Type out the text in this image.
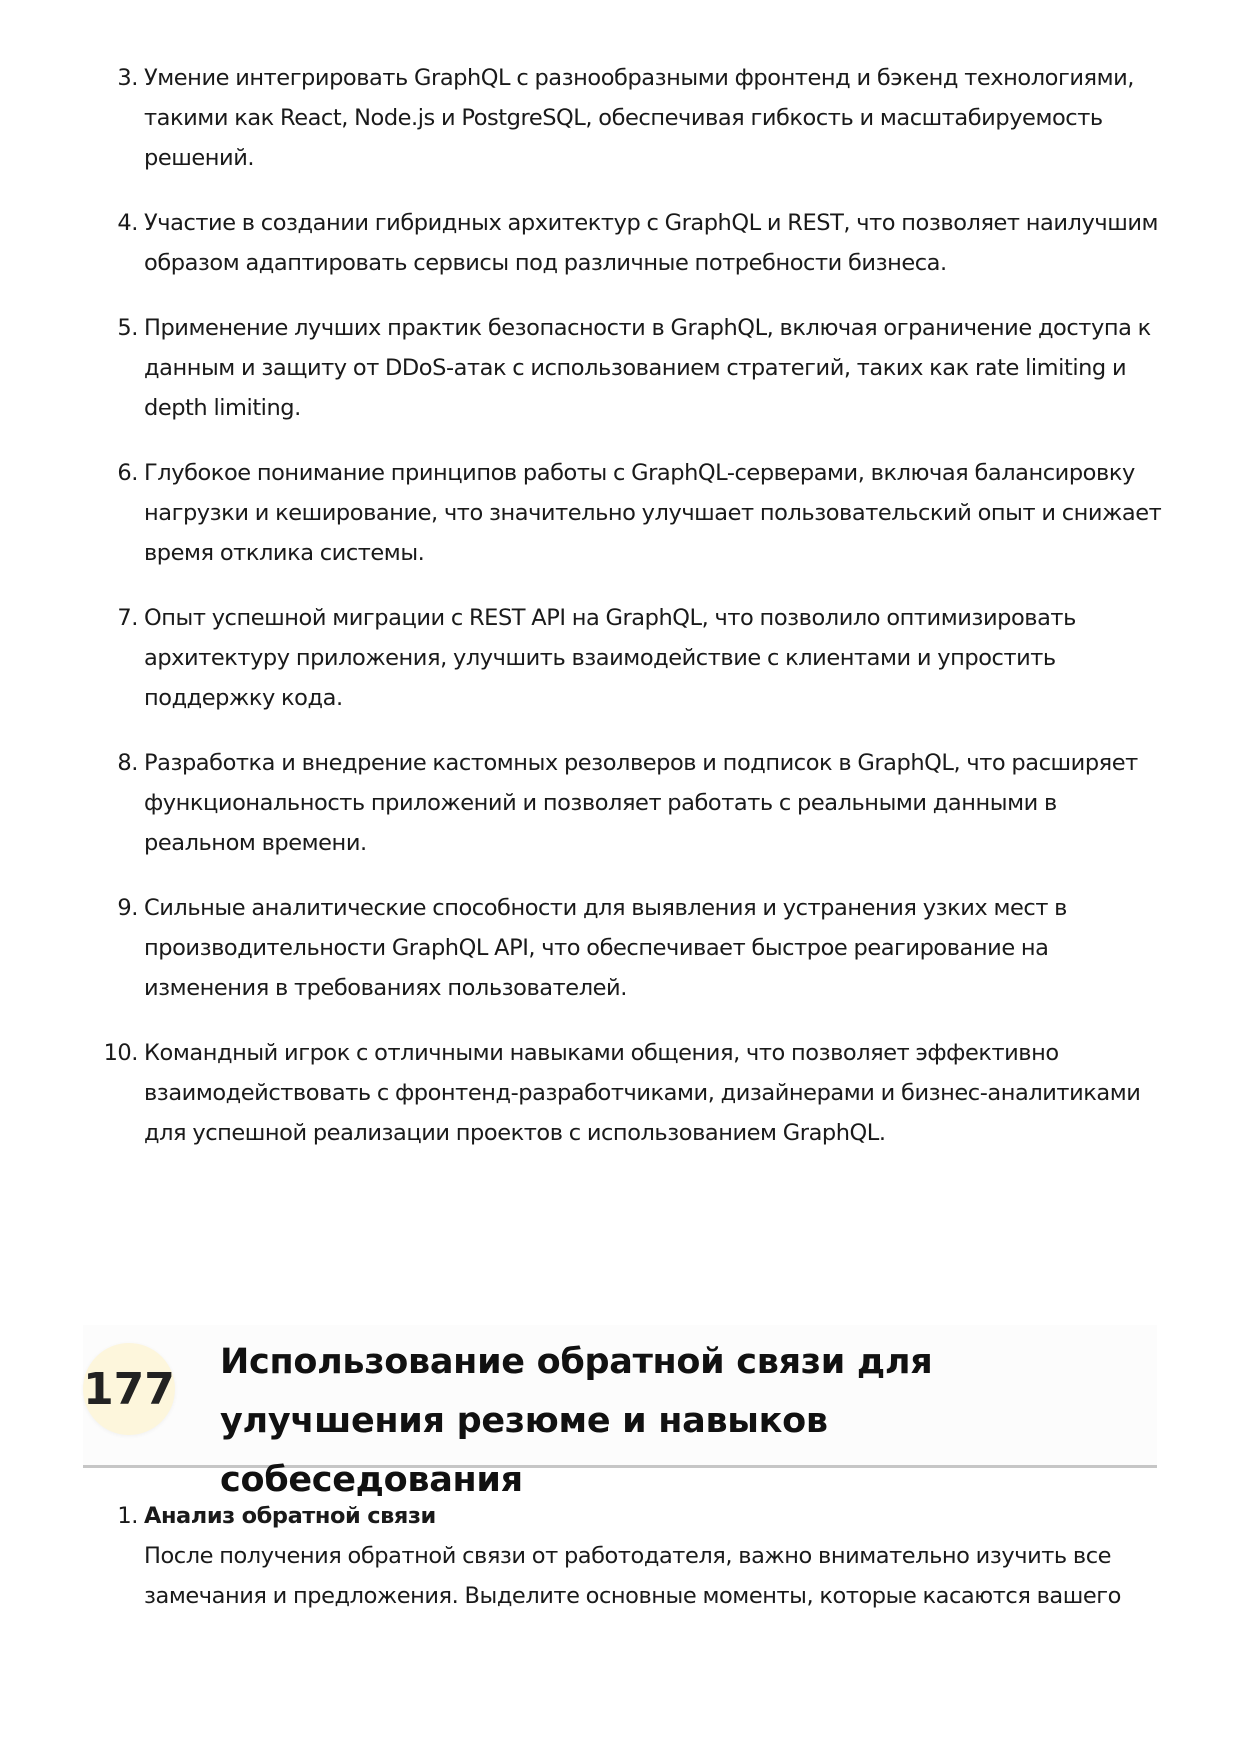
3. Умение интегрировать GraphQL с разнообразными фронтенд и бэкенд технологиями, такими как React, Node.js и PostgreSQL, обеспечивая гибкость и масштабируемость решений.
4. Участие в создании гибридных архитектур с GraphQL и REST, что позволяет наилучшим образом адаптировать сервисы под различные потребности бизнеса.
5. Применение лучших практик безопасности в GraphQL, включая ограничение доступа к данным и защиту от DDoS-атак с использованием стратегий, таких как rate limiting и depth limiting.
6. Глубокое понимание принципов работы с GraphQL-серверами, включая балансировку нагрузки и кеширование, что значительно улучшает пользовательский опыт и снижает время отклика системы.
7. Опыт успешной миграции с REST API на GraphQL, что позволило оптимизировать архитектуру приложения, улучшить взаимодействие с клиентами и упростить поддержку кода.
8. Разработка и внедрение кастомных резолверов и подписок в GraphQL, что расширяет функциональность приложений и позволяет работать с реальными данными в реальном времени.
9. Сильные аналитические способности для выявления и устранения узких мест в производительности GraphQL API, что обеспечивает быстрое реагирование на изменения в требованиях пользователей.
10. Командный игрок с отличными навыками общения, что позволяет эффективно взаимодействовать с фронтенд-разработчиками, дизайнерами и бизнес-аналитиками для успешной реализации проектов с использованием GraphQL.
177
Использование обратной связи для улучшения резюме и навыков собеседования
1. Анализ обратной связи
После получения обратной связи от работодателя, важно внимательно изучить все замечания и предложения. Выделите основные моменты, которые касаются вашего
